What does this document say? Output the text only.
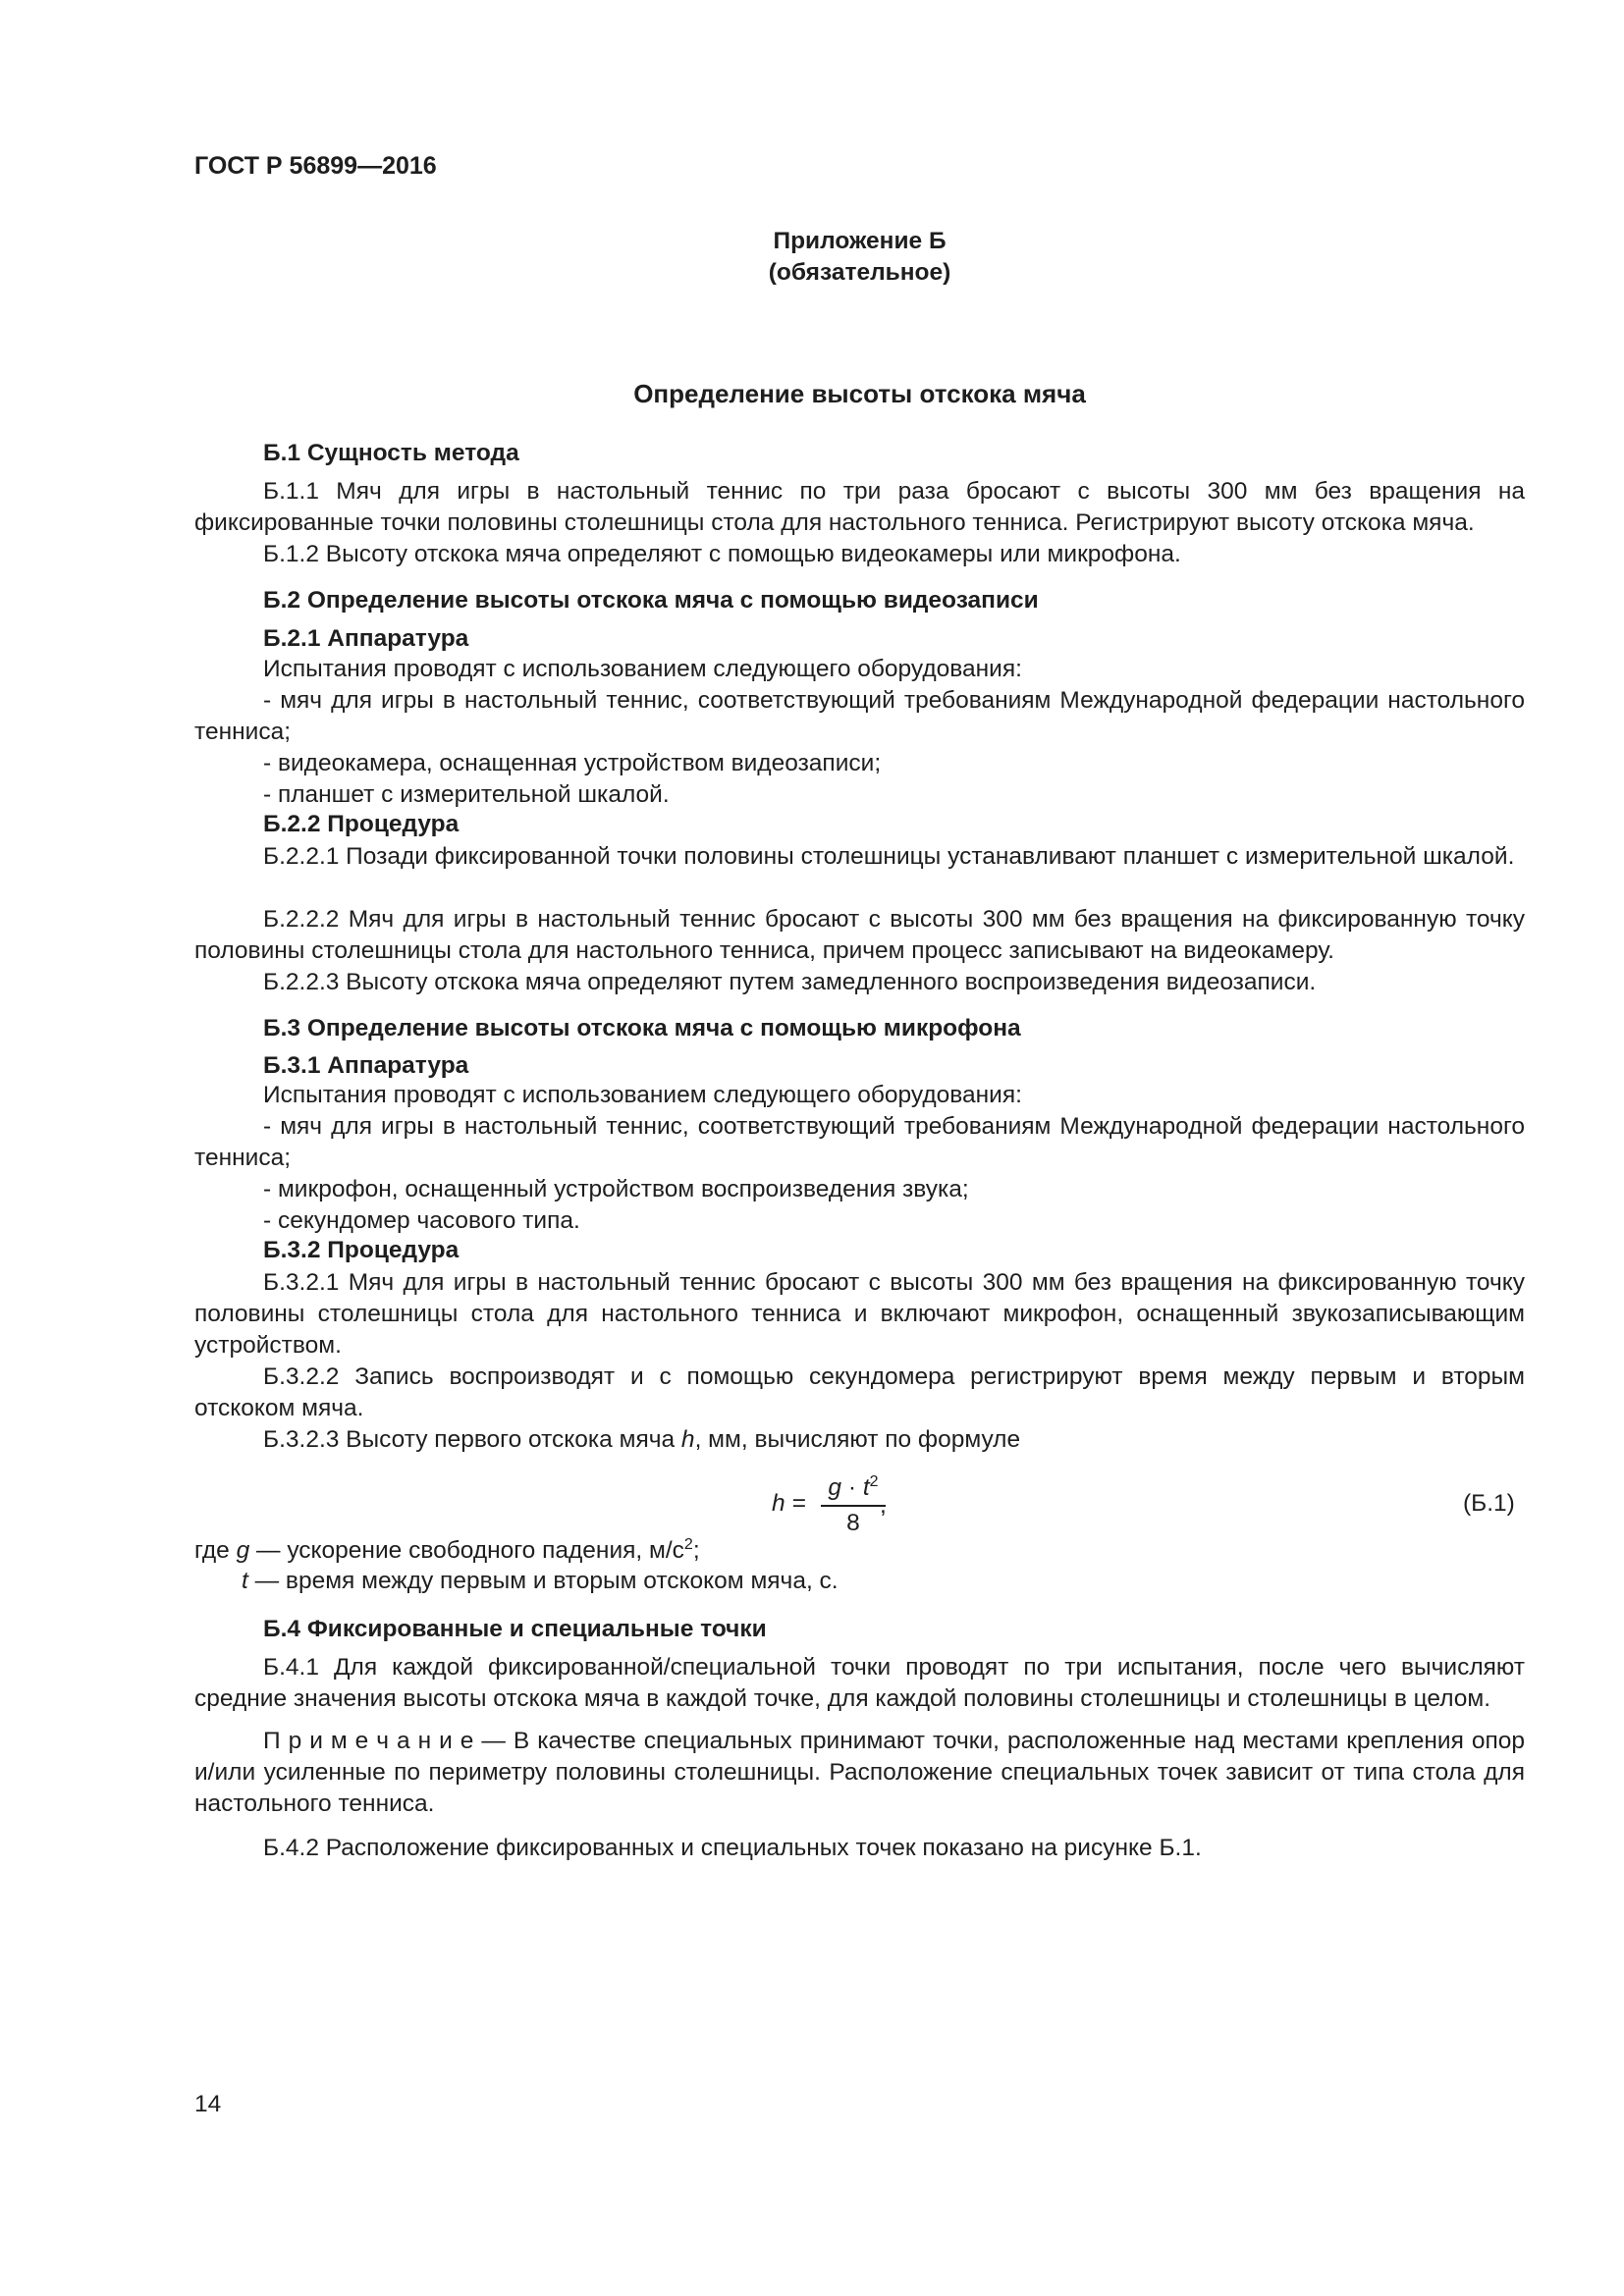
ГОСТ Р 56899—2016
Приложение Б
(обязательное)
Определение высоты отскока мяча
Б.1 Сущность метода
Б.1.1 Мяч для игры в настольный теннис по три раза бросают с высоты 300 мм без вращения на фиксированные точки половины столешницы стола для настольного тенниса. Регистрируют высоту отскока мяча.
Б.1.2 Высоту отскока мяча определяют с помощью видеокамеры или микрофона.
Б.2 Определение высоты отскока мяча с помощью видеозаписи
Б.2.1 Аппаратура
Испытания проводят с использованием следующего оборудования:
- мяч для игры в настольный теннис, соответствующий требованиям Международной федерации настольного тенниса;
- видеокамера, оснащенная устройством видеозаписи;
- планшет с измерительной шкалой.
Б.2.2 Процедура
Б.2.2.1 Позади фиксированной точки половины столешницы устанавливают планшет с измерительной шкалой.
Б.2.2.2 Мяч для игры в настольный теннис бросают с высоты 300 мм без вращения на фиксированную точку половины столешницы стола для настольного тенниса, причем процесс записывают на видеокамеру.
Б.2.2.3 Высоту отскока мяча определяют путем замедленного воспроизведения видеозаписи.
Б.3 Определение высоты отскока мяча с помощью микрофона
Б.3.1 Аппаратура
Испытания проводят с использованием следующего оборудования:
- мяч для игры в настольный теннис, соответствующий требованиям Международной федерации настольного тенниса;
- микрофон, оснащенный устройством воспроизведения звука;
- секундомер часового типа.
Б.3.2 Процедура
Б.3.2.1 Мяч для игры в настольный теннис бросают с высоты 300 мм без вращения на фиксированную точку половины столешницы стола для настольного тенниса и включают микрофон, оснащенный звукозаписывающим устройством.
Б.3.2.2 Запись воспроизводят и с помощью секундомера регистрируют время между первым и вторым отскоком мяча.
Б.3.2.3 Высоту первого отскока мяча h, мм, вычисляют по формуле
h =
$g \cdot t^2$
8
,	(Б.1)
где g — ускорение свободного падения, $м/с^2$;
t — время между первым и вторым отскоком мяча, с.
Б.4 Фиксированные и специальные точки
Б.4.1 Для каждой фиксированной/специальной точки проводят по три испытания, после чего вычисляют средние значения высоты отскока мяча в каждой точке, для каждой половины столешницы и столешницы в целом.
П р и м е ч а н и е — В качестве специальных принимают точки, расположенные над местами крепления опор и/или усиленные по периметру половины столешницы. Расположение специальных точек зависит от типа стола для настольного тенниса.
Б.4.2 Расположение фиксированных и специальных точек показано на рисунке Б.1.
14
